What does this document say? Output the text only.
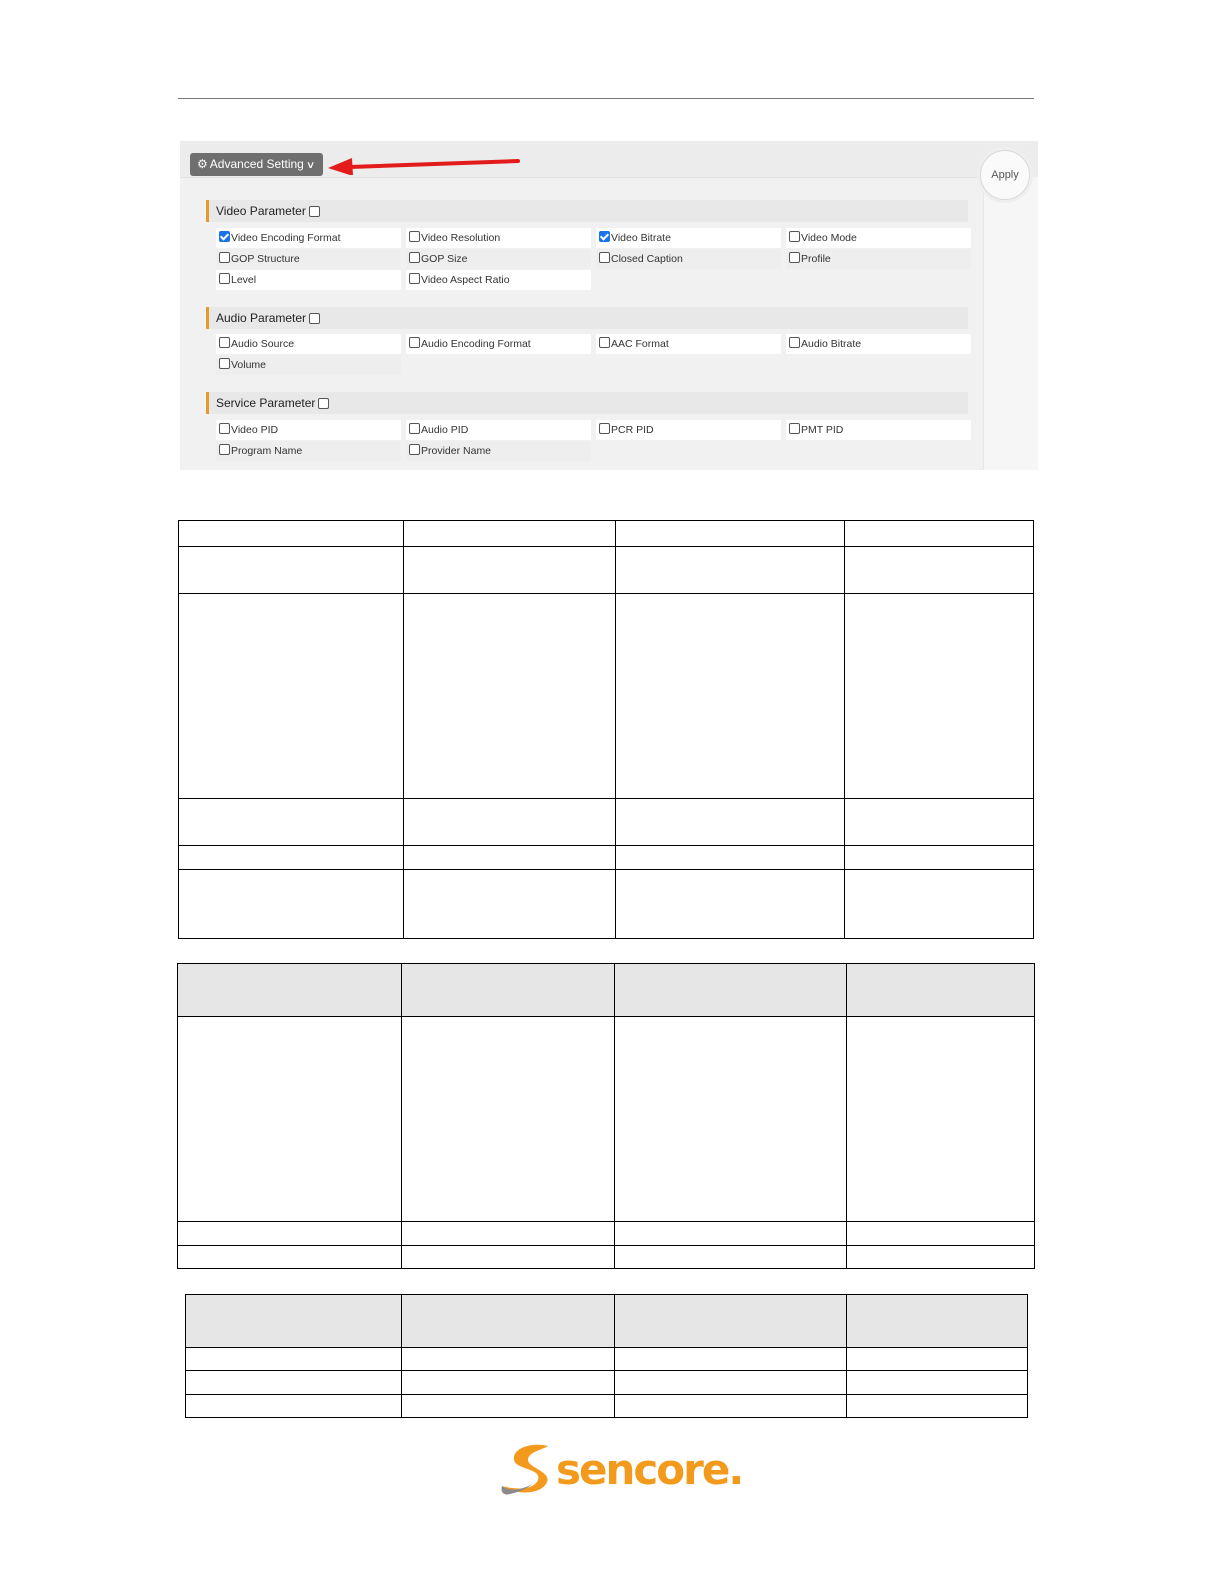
⚙ Advanced Setting ∨
Apply
Video Parameter
Video Encoding Format	Video Resolution	Video Bitrate	Video Mode
GOP Structure	GOP Size	Closed Caption	Profile
Level	Video Aspect Ratio
Audio Parameter
Audio Source	Audio Encoding Format	AAC Format	Audio Bitrate
Volume
Service Parameter
Video PID	Audio PID	PCR PID	PMT PID
Program Name	Provider Name
sencore.
